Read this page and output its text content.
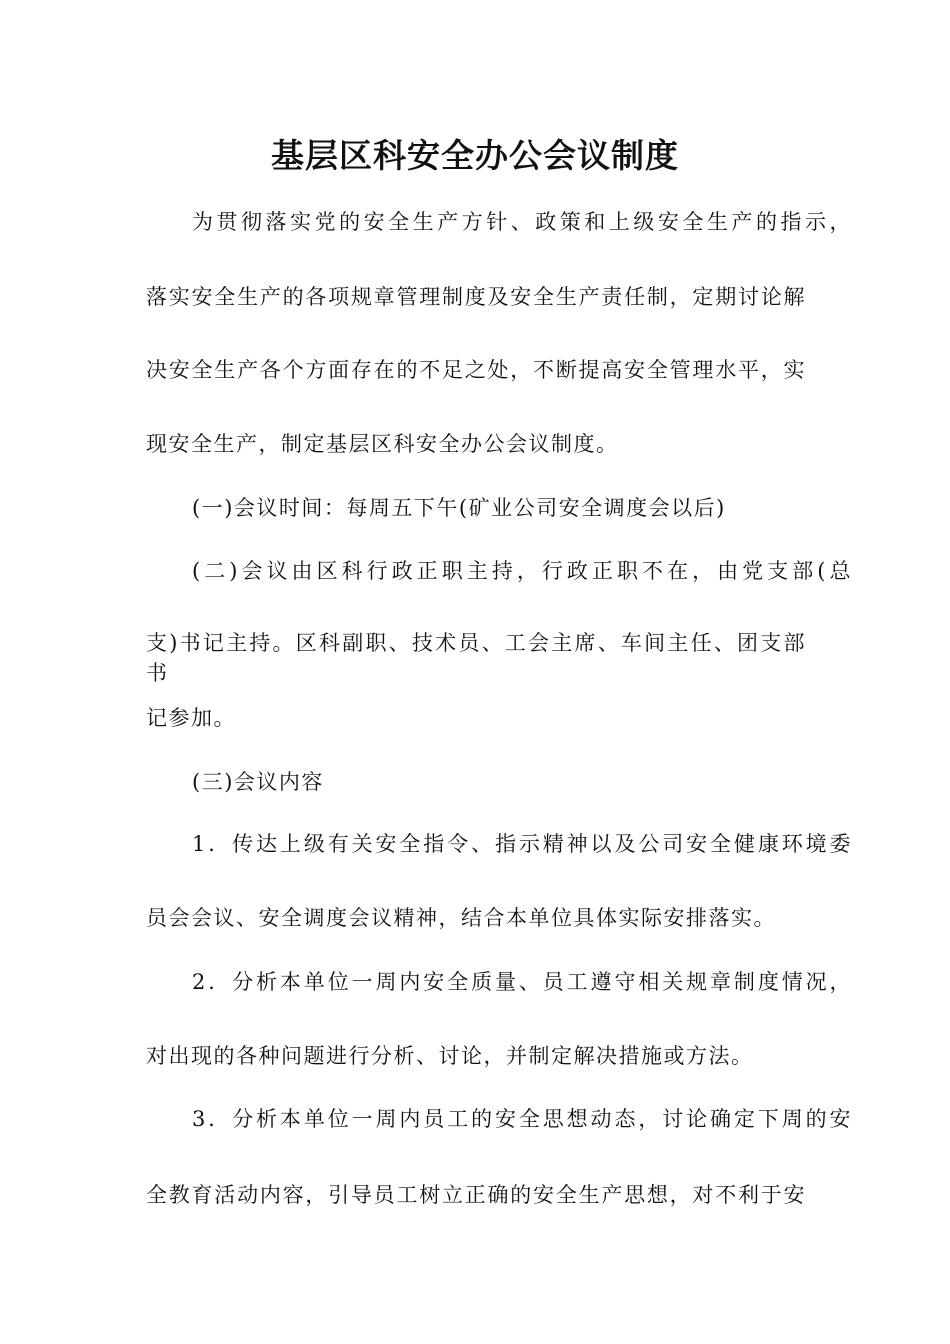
基层区科安全办公会议制度
为贯彻落实党的安全生产方针、政策和上级安全生产的指示，
落实安全生产的各项规章管理制度及安全生产责任制，定期讨论解
决安全生产各个方面存在的不足之处，不断提高安全管理水平，实
现安全生产，制定基层区科安全办公会议制度。
(一)会议时间：每周五下午(矿业公司安全调度会以后)
(二)会议由区科行政正职主持，行政正职不在，由党支部(总
支)书记主持。区科副职、技术员、工会主席、车间主任、团支部书
记参加。
(三)会议内容
1．传达上级有关安全指令、指示精神以及公司安全健康环境委
员会会议、安全调度会议精神，结合本单位具体实际安排落实。
2．分析本单位一周内安全质量、员工遵守相关规章制度情况，
对出现的各种问题进行分析、讨论，并制定解决措施或方法。
3．分析本单位一周内员工的安全思想动态，讨论确定下周的安
全教育活动内容，引导员工树立正确的安全生产思想，对不利于安
